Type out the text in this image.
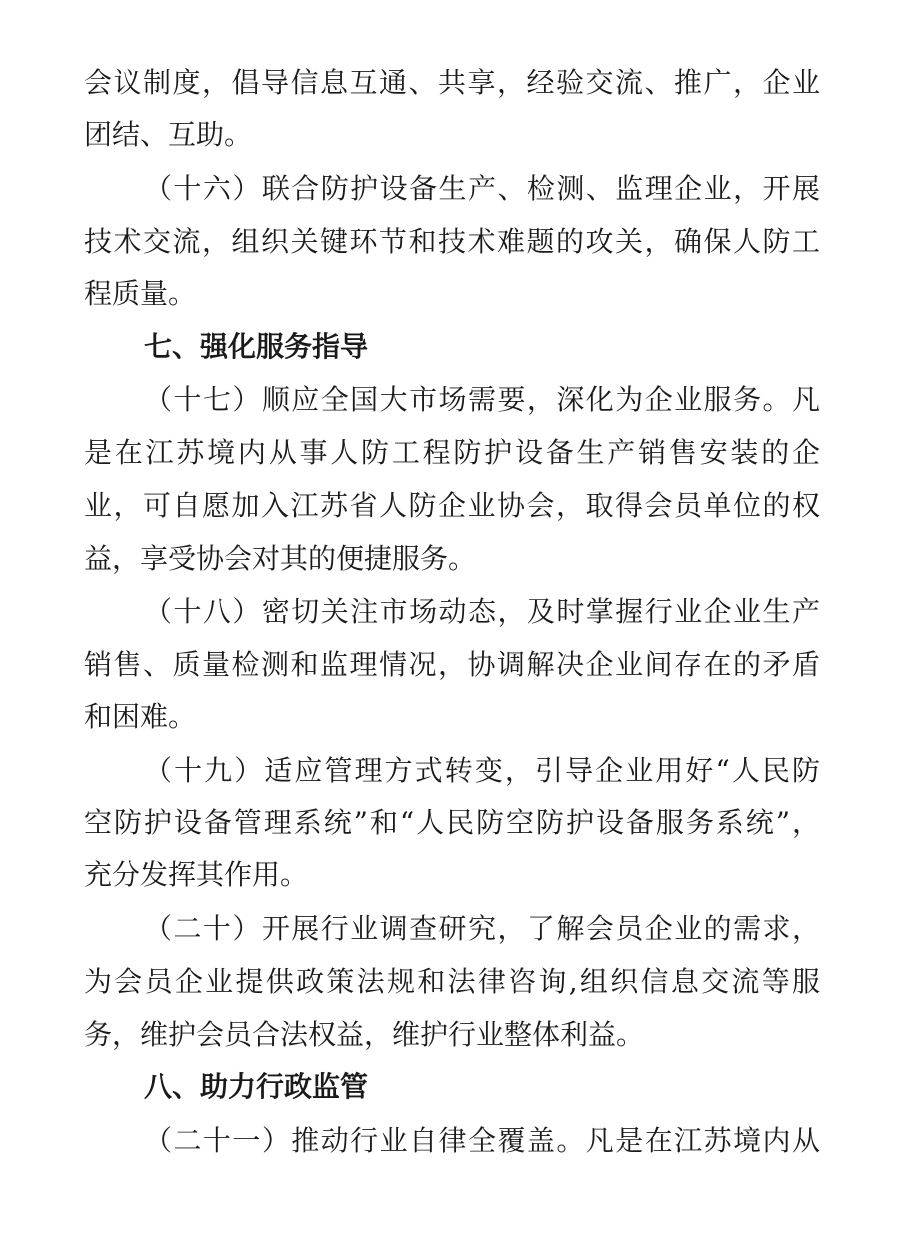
会议制度，倡导信息互通、共享，经验交流、推广，企业
团结、互助。
（十六）联合防护设备生产、检测、监理企业，开展
技术交流，组织关键环节和技术难题的攻关，确保人防工
程质量。
七、强化服务指导
（十七）顺应全国大市场需要，深化为企业服务。凡
是在江苏境内从事人防工程防护设备生产销售安装的企
业，可自愿加入江苏省人防企业协会，取得会员单位的权
益，享受协会对其的便捷服务。
（十八）密切关注市场动态，及时掌握行业企业生产
销售、质量检测和监理情况，协调解决企业间存在的矛盾
和困难。
（十九）适应管理方式转变，引导企业用好“人民防
空防护设备管理系统”和“人民防空防护设备服务系统”，
充分发挥其作用。
（二十）开展行业调查研究，了解会员企业的需求，
为会员企业提供政策法规和法律咨询,组织信息交流等服
务，维护会员合法权益，维护行业整体利益。
八、助力行政监管
（二十一）推动行业自律全覆盖。凡是在江苏境内从
